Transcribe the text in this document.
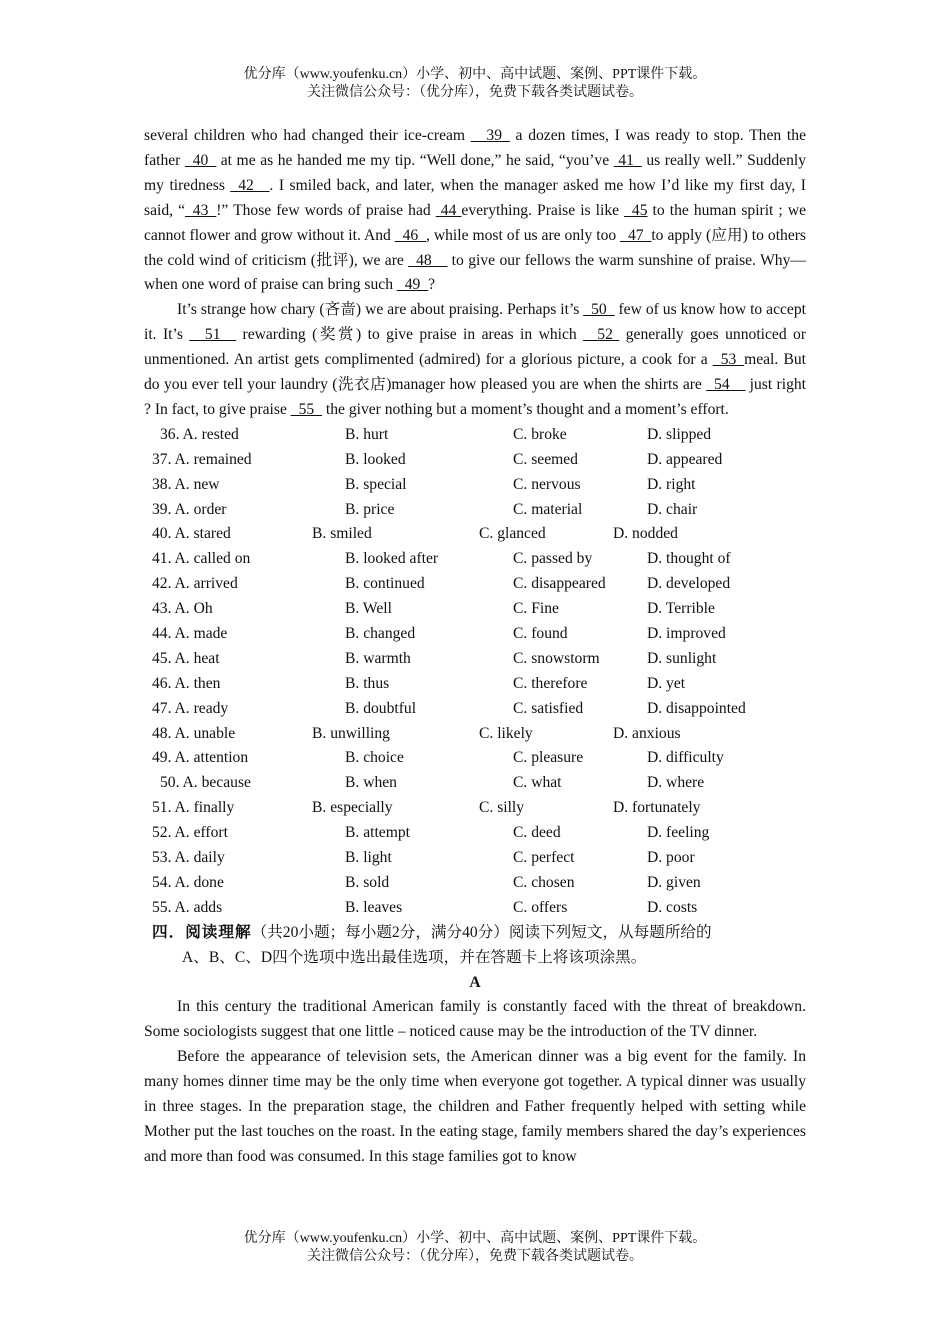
优分库（www.youfenku.cn）小学、初中、高中试题、案例、PPT课件下载。
关注微信公众号：（优分库），免费下载各类试题试卷。

several children who had changed their ice-cream __39_ a dozen times, I was ready to stop. Then the father _40_ at me as he handed me my tip. “Well done,” he said, “you’ve  41_ us really well.” Suddenly my tiredness _42__. I smiled back, and later, when the manager asked me how I’d like my first day, I said, “_43_!” Those few words of praise had  44 everything. Praise is like _45 to the human spirit ; we cannot flower and grow without it. And _46_, while most of us are only too _47_to apply (应用) to others the cold wind of criticism (批评), we are _48__ to give our fellows the warm sunshine of praise. Why—when one word of praise can bring such _49_?

It’s strange how chary (吝啬) we are about praising. Perhaps it’s _50_ few of us know how to accept it. It’s __51__ rewarding (奖赏) to give praise in areas in which _ 52  generally goes unnoticed or unmentioned. An artist gets complimented (admired) for a glorious picture, a cook for a _53_meal. But do you ever tell your laundry (洗衣店)manager how pleased you are when the shirts are _54__ just right ? In fact, to give praise _55_ the giver nothing but a moment’s thought and a moment’s effort.

36. A. rested	B. hurt	C. broke	D. slipped
37. A. remained	B. looked	C. seemed	D. appeared
38. A. new	B. special	C. nervous	D. right
39. A. order	B. price	C. material	D. chair
40. A. stared	B. smiled	C. glanced	D. nodded
41. A. called on	B. looked after	C. passed by	D. thought of
42. A. arrived	B. continued	C. disappeared	D. developed
43. A. Oh	B. Well	C. Fine	D. Terrible
44. A. made	B. changed	C. found	D. improved
45. A. heat	B. warmth	C. snowstorm	D. sunlight
46. A. then	B. thus	C. therefore	D. yet
47. A. ready	B. doubtful	C. satisfied	D. disappointed
48. A. unable	B. unwilling	C. likely	D. anxious
49. A. attention	B. choice	C. pleasure	D. difficulty
50. A. because	B. when	C. what	D. where
51. A. finally	B. especially	C. silly	D. fortunately
52. A. effort	B. attempt	C. deed	D. feeling
53. A. daily	B. light	C. perfect	D. poor
54. A. done	B. sold	C. chosen	D. given
55. A. adds	B. leaves	C. offers	D. costs

四．阅读理解（共20小题；每小题2分，满分40分）阅读下列短文，从每题所给的

A、B、C、D四个选项中选出最佳选项，并在答题卡上将该项涂黑。

A

In this century the traditional American family is constantly faced with the threat of breakdown. Some sociologists suggest that one little – noticed cause may be the introduction of the TV dinner.

Before the appearance of television sets, the American dinner was a big event for the family. In many homes dinner time may be the only time when everyone got together. A typical dinner was usually in three stages. In the preparation stage, the children and Father frequently helped with setting while Mother put the last touches on the roast. In the eating stage, family members shared the day’s experiences and more than food was consumed. In this stage families got to know

优分库（www.youfenku.cn）小学、初中、高中试题、案例、PPT课件下载。
关注微信公众号：（优分库），免费下载各类试题试卷。
